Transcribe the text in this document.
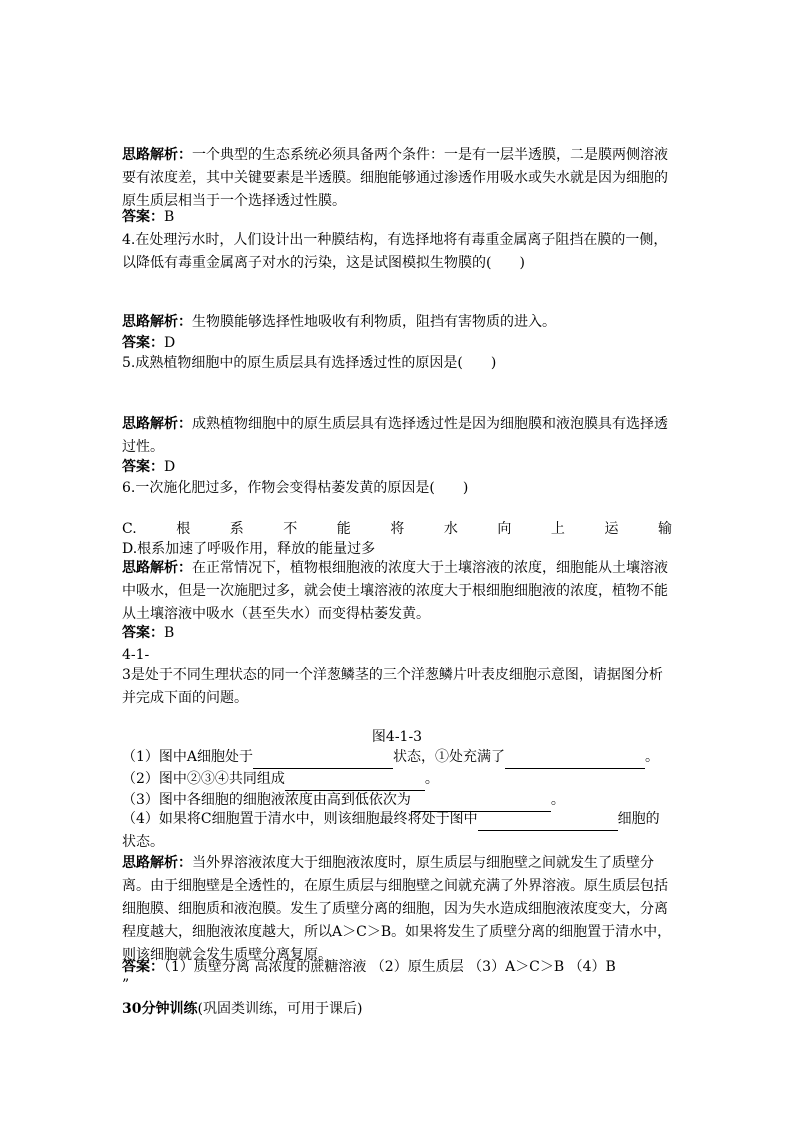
思路解析：一个典型的生态系统必须具备两个条件：一是有一层半透膜，二是膜两侧溶液要有浓度差，其中关键要素是半透膜。细胞能够通过渗透作用吸水或失水就是因为细胞的原生质层相当于一个选择透过性膜。

答案：B

4.在处理污水时，人们设计出一种膜结构，有选择地将有毒重金属离子阻挡在膜的一侧，以降低有毒重金属离子对水的污染，这是试图模拟生物膜的(　　)

思路解析：生物膜能够选择性地吸收有利物质，阻挡有害物质的进入。

答案：D

5.成熟植物细胞中的原生质层具有选择透过性的原因是(　　)

思路解析：成熟植物细胞中的原生质层具有选择透过性是因为细胞膜和液泡膜具有选择透过性。

答案：D

6.一次施化肥过多，作物会变得枯萎发黄的原因是(　　)

C.	根	系	不	能	将	水	向	上	运	输

D.根系加速了呼吸作用，释放的能量过多

思路解析：在正常情况下，植物根细胞液的浓度大于土壤溶液的浓度，细胞能从土壤溶液中吸水，但是一次施肥过多，就会使土壤溶液的浓度大于根细胞细胞液的浓度，植物不能从土壤溶液中吸水（甚至失水）而变得枯萎发黄。

答案：B

4-1-

3是处于不同生理状态的同一个洋葱鳞茎的三个洋葱鳞片叶表皮细胞示意图，请据图分析并完成下面的问题。

图4-1-3

（1）图中A细胞处于	状态，①处充满了	。

（2）图中②③④共同组成	。

（3）图中各细胞的细胞液浓度由高到低依次为	。

（4）如果将C细胞置于清水中，则该细胞最终将处于图中	细胞的状态。

思路解析：当外界溶液浓度大于细胞液浓度时，原生质层与细胞壁之间就发生了质壁分离。由于细胞壁是全透性的，在原生质层与细胞壁之间就充满了外界溶液。原生质层包括细胞膜、细胞质和液泡膜。发生了质壁分离的细胞，因为失水造成细胞液浓度变大，分离程度越大，细胞液浓度越大，所以A＞C＞B。如果将发生了质壁分离的细胞置于清水中，则该细胞就会发生质壁分离复原。

答案：（1）质壁分离 高浓度的蔗糖溶液 （2）原生质层 （3）A＞C＞B （4）B

”

30分钟训练(巩固类训练，可用于课后)
